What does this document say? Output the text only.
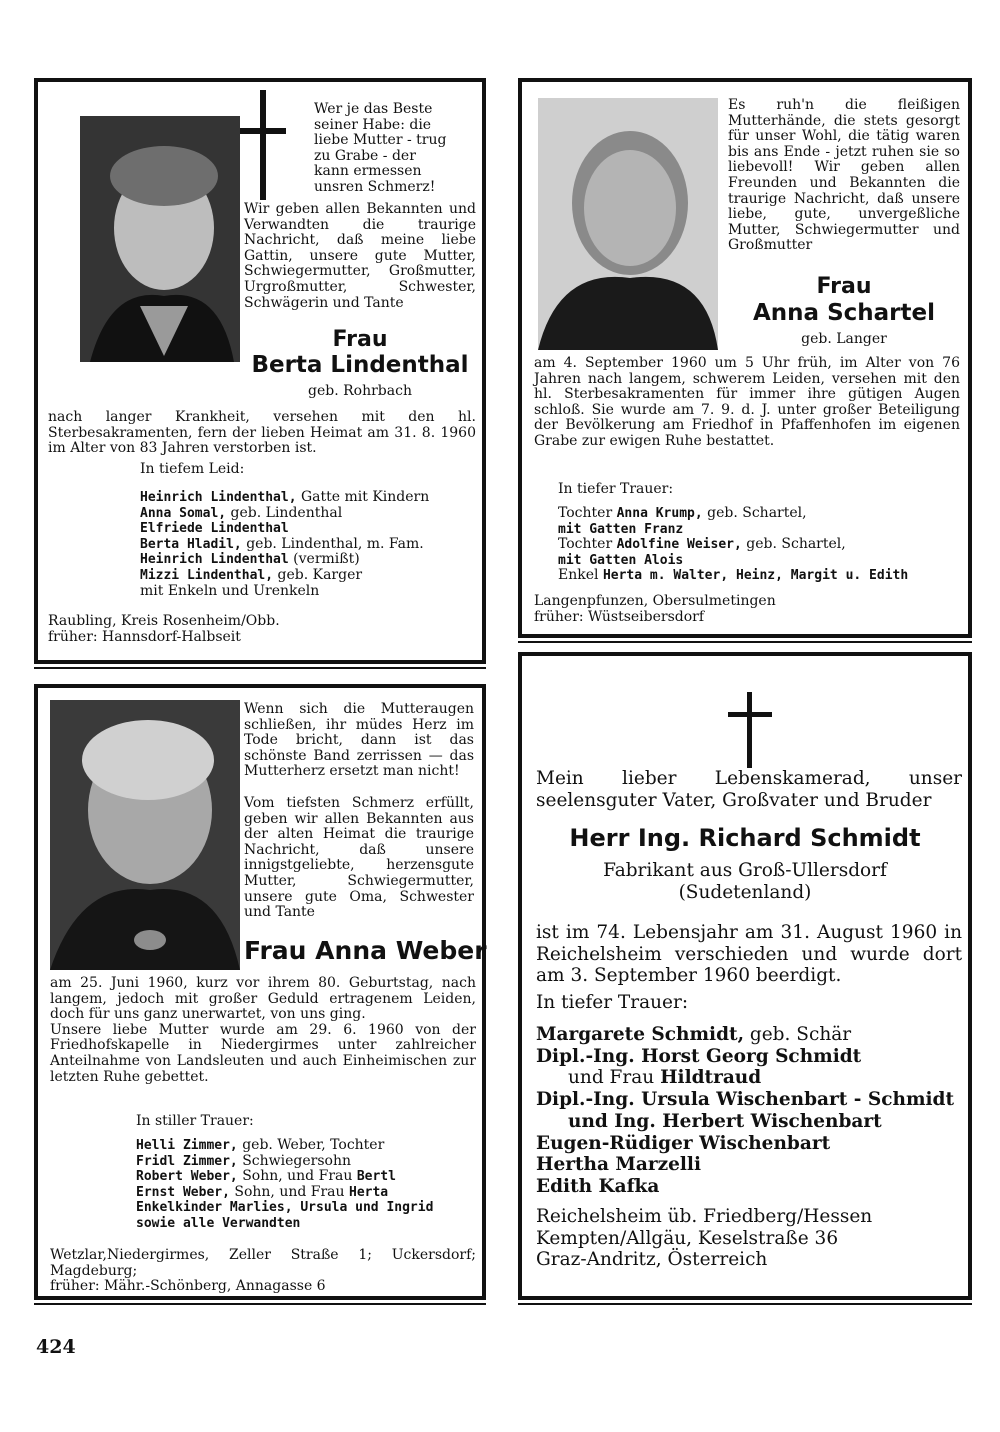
Wer je das Beste
seiner Habe: die
liebe Mutter - trug
zu Grabe - der
kann ermessen
unsren Schmerz!

Wir geben allen Bekannten und Verwandten die traurige Nachricht, daß meine liebe Gattin, unsere gute Mutter, Schwiegermutter, Großmutter, Urgroßmutter, Schwester, Schwägerin und Tante

Frau
Berta Lindenthal
geb. Rohrbach

nach langer Krankheit, versehen mit den hl. Sterbesakramenten, fern der lieben Heimat am 31. 8. 1960 im Alter von 83 Jahren verstorben ist.

In tiefem Leid:
Heinrich Lindenthal, Gatte mit Kindern
Anna Somal, geb. Lindenthal
Elfriede Lindenthal
Berta Hladil, geb. Lindenthal, m. Fam.
Heinrich Lindenthal (vermißt)
Mizzi Lindenthal, geb. Karger
mit Enkeln und Urenkeln

Raubling, Kreis Rosenheim/Obb.
früher: Hannsdorf-Halbseit

Es ruh'n die fleißigen Mutterhände, die stets gesorgt für unser Wohl, die tätig waren bis ans Ende - jetzt ruhen sie so liebevoll! Wir geben allen Freunden und Bekannten die traurige Nachricht, daß unsere liebe, gute, unvergeßliche Mutter, Schwiegermutter und Großmutter

Frau
Anna Schartel
geb. Langer

am 4. September 1960 um 5 Uhr früh, im Alter von 76 Jahren nach langem, schwerem Leiden, versehen mit den hl. Sterbesakramenten für immer ihre gütigen Augen schloß. Sie wurde am 7. 9. d. J. unter großer Beteiligung der Bevölkerung am Friedhof in Pfaffenhofen im eigenen Grabe zur ewigen Ruhe bestattet.

In tiefer Trauer:
Tochter Anna Krump, geb. Schartel,
mit Gatten Franz
Tochter Adolfine Weiser, geb. Schartel,
mit Gatten Alois
Enkel Herta m. Walter, Heinz, Margit u. Edith

Langenpfunzen, Obersulmetingen
früher: Wüstseibersdorf

Wenn sich die Mutteraugen schließen, ihr müdes Herz im Tode bricht, dann ist das schönste Band zerrissen — das Mutterherz ersetzt man nicht!

Vom tiefsten Schmerz erfüllt, geben wir allen Bekannten aus der alten Heimat die traurige Nachricht, daß unsere innigstgeliebte, herzensgute Mutter, Schwiegermutter, unsere gute Oma, Schwester und Tante

Frau Anna Weber

am 25. Juni 1960, kurz vor ihrem 80. Geburtstag, nach langem, jedoch mit großer Geduld ertragenem Leiden, doch für uns ganz unerwartet, von uns ging.
Unsere liebe Mutter wurde am 29. 6. 1960 von der Friedhofskapelle in Niedergirmes unter zahlreicher Anteilnahme von Landsleuten und auch Einheimischen zur letzten Ruhe gebettet.

In stiller Trauer:
Helli Zimmer, geb. Weber, Tochter
Fridl Zimmer, Schwiegersohn
Robert Weber, Sohn, und Frau Bertl
Ernst Weber, Sohn, und Frau Herta
Enkelkinder Marlies, Ursula und Ingrid
sowie alle Verwandten

Wetzlar,Niedergirmes, Zeller Straße 1; Uckersdorf; Magdeburg;
früher: Mähr.-Schönberg, Annagasse 6

Mein lieber Lebenskamerad, unser seelensguter Vater, Großvater und Bruder

Herr Ing. Richard Schmidt
Fabrikant aus Groß-Ullersdorf
(Sudetenland)

ist im 74. Lebensjahr am 31. August 1960 in Reichelsheim verschieden und wurde dort am 3. September 1960 beerdigt.

In tiefer Trauer:
Margarete Schmidt, geb. Schär
Dipl.-Ing. Horst Georg Schmidt
und Frau Hildtraud
Dipl.-Ing. Ursula Wischenbart - Schmidt
und Ing. Herbert Wischenbart
Eugen-Rüdiger Wischenbart
Hertha Marzelli
Edith Kafka

Reichelsheim üb. Friedberg/Hessen
Kempten/Allgäu, Keselstraße 36
Graz-Andritz, Österreich

424
